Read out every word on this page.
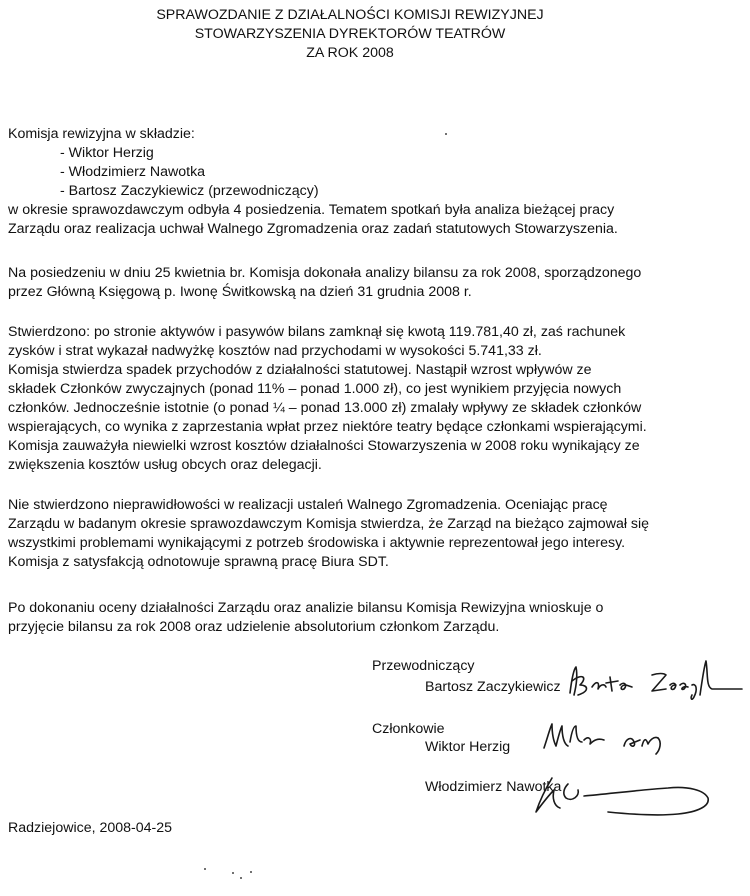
SPRAWOZDANIE Z DZIAŁALNOŚCI KOMISJI REWIZYJNEJ
STOWARZYSZENIA DYREKTORÓW TEATRÓW
ZA ROK 2008
Komisja rewizyjna w składzie:
- Wiktor Herzig
- Włodzimierz Nawotka
- Bartosz Zaczykiewicz (przewodniczący)
w okresie sprawozdawczym odbyła 4 posiedzenia. Tematem spotkań była analiza bieżącej pracy
Zarządu oraz realizacja uchwał Walnego Zgromadzenia oraz zadań statutowych Stowarzyszenia.
Na posiedzeniu w dniu 25 kwietnia br. Komisja dokonała analizy bilansu za rok 2008, sporządzonego
przez Główną Księgową p. Iwonę Świtkowską na dzień 31 grudnia 2008 r.
Stwierdzono: po stronie aktywów i pasywów bilans zamknął się kwotą 119.781,40 zł, zaś rachunek
zysków i strat wykazał nadwyżkę kosztów nad przychodami w wysokości 5.741,33 zł.
Komisja stwierdza spadek przychodów z działalności statutowej. Nastąpił wzrost wpływów ze
składek Członków zwyczajnych (ponad 11% – ponad 1.000 zł), co jest wynikiem przyjęcia nowych
członków. Jednocześnie istotnie (o ponad ¼ – ponad 13.000 zł) zmalały wpływy ze składek członków
wspierających, co wynika z zaprzestania wpłat przez niektóre teatry będące członkami wspierającymi.
Komisja zauważyła niewielki wzrost kosztów działalności Stowarzyszenia w 2008 roku wynikający ze
zwiększenia kosztów usług obcych oraz delegacji.
Nie stwierdzono nieprawidłowości w realizacji ustaleń Walnego Zgromadzenia. Oceniając pracę
Zarządu w badanym okresie sprawozdawczym Komisja stwierdza, że Zarząd na bieżąco zajmował się
wszystkimi problemami wynikającymi z potrzeb środowiska i aktywnie reprezentował jego interesy.
Komisja z satysfakcją odnotowuje sprawną pracę Biura SDT.
Po dokonaniu oceny działalności Zarządu oraz analizie bilansu Komisja Rewizyjna wnioskuje o
przyjęcie bilansu za rok 2008 oraz udzielenie absolutorium członkom Zarządu.
Przewodniczący
Bartosz Zaczykiewicz
Członkowie
Wiktor Herzig
Włodzimierz Nawotka
Radziejowice, 2008-04-25
